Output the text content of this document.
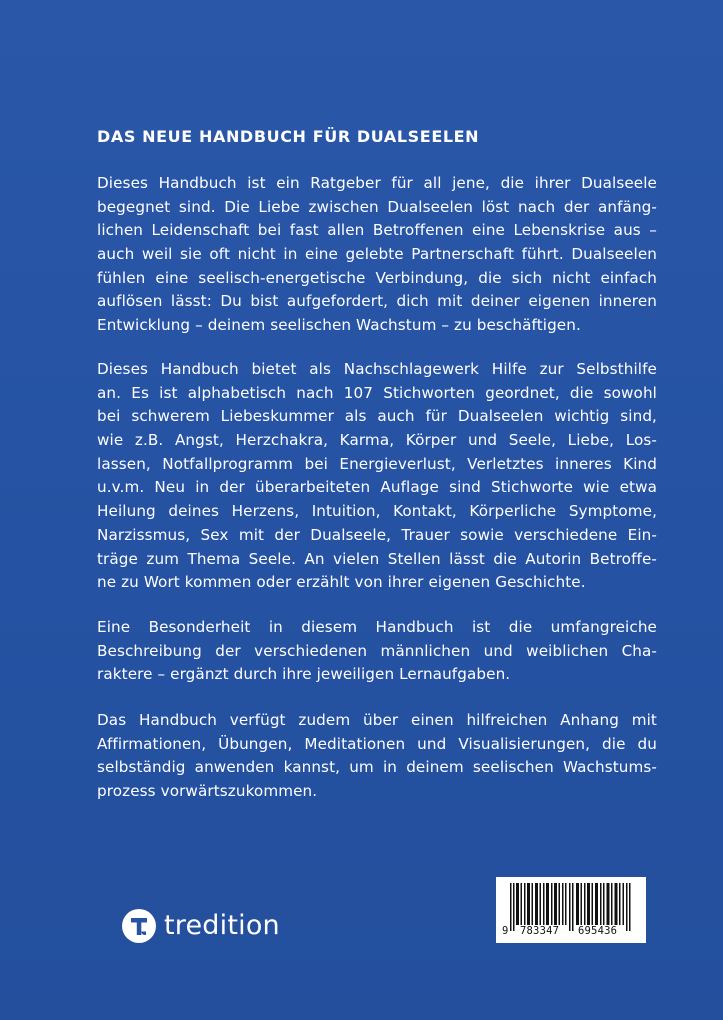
DAS NEUE HANDBUCH FÜR DUALSEELEN
Dieses Handbuch ist ein Ratgeber für all jene, die ihrer Dualseele
begegnet sind. Die Liebe zwischen Dualseelen löst nach der anfäng-
lichen Leidenschaft bei fast allen Betroffenen eine Lebenskrise aus –
auch weil sie oft nicht in eine gelebte Partnerschaft führt. Dualseelen
fühlen eine seelisch-energetische Verbindung, die sich nicht einfach
auflösen lässt: Du bist aufgefordert, dich mit deiner eigenen inneren
Entwicklung – deinem seelischen Wachstum – zu beschäftigen.
Dieses Handbuch bietet als Nachschlagewerk Hilfe zur Selbsthilfe
an. Es ist alphabetisch nach 107 Stichworten geordnet, die sowohl
bei schwerem Liebeskummer als auch für Dualseelen wichtig sind,
wie z.B. Angst, Herzchakra, Karma, Körper und Seele, Liebe, Los-
lassen, Notfallprogramm bei Energieverlust, Verletztes inneres Kind
u.v.m. Neu in der überarbeiteten Auflage sind Stichworte wie etwa
Heilung deines Herzens, Intuition, Kontakt, Körperliche Symptome,
Narzissmus, Sex mit der Dualseele, Trauer sowie verschiedene Ein-
träge zum Thema Seele. An vielen Stellen lässt die Autorin Betroffe-
ne zu Wort kommen oder erzählt von ihrer eigenen Geschichte.
Eine Besonderheit in diesem Handbuch ist die umfangreiche
Beschreibung der verschiedenen männlichen und weiblichen Cha-
raktere – ergänzt durch ihre jeweiligen Lernaufgaben.
Das Handbuch verfügt zudem über einen hilfreichen Anhang mit
Affirmationen, Übungen, Meditationen und Visualisierungen, die du
selbständig anwenden kannst, um in deinem seelischen Wachstums-
prozess vorwärtszukommen.
tredition	9 783347 695436
